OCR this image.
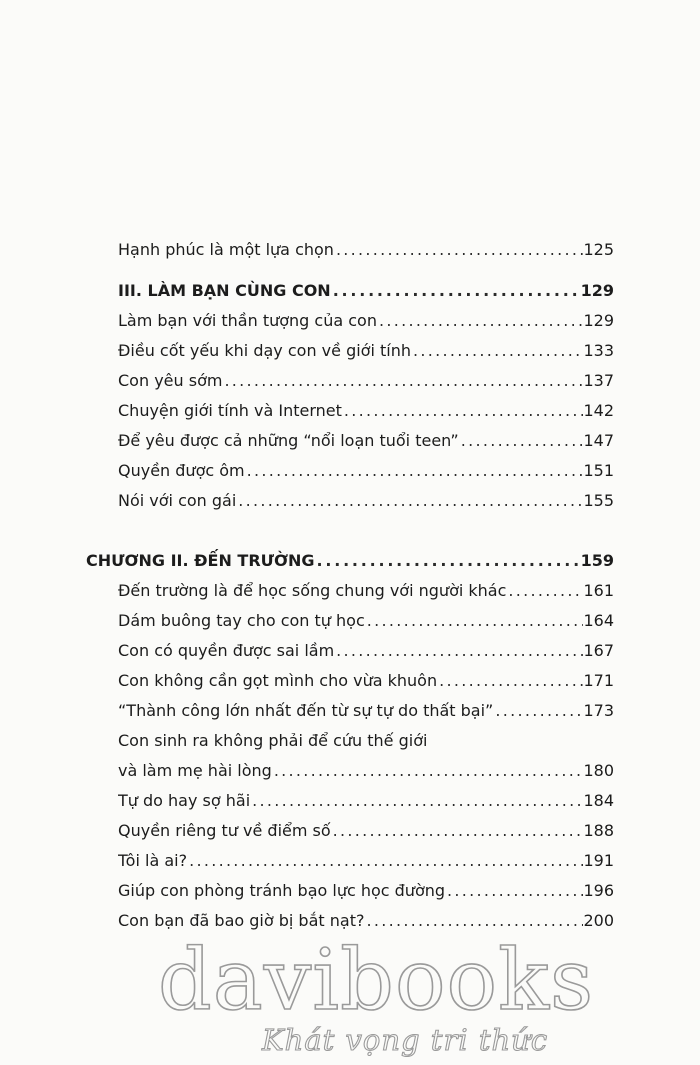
Hạnh phúc là một lựa chọn . . .	125
III. LÀM BẠN CÙNG CON . . .	129
Làm bạn với thần tượng của con . . .	129
Điều cốt yếu khi dạy con về giới tính . . .	133
Con yêu sớm . . .	137
Chuyện giới tính và Internet . . .	142
Để yêu được cả những “nổi loạn tuổi teen” . . .	147
Quyền được ôm . . .	151
Nói với con gái . . .	155
CHƯƠNG II. ĐẾN TRƯỜNG . . .	159
Đến trường là để học sống chung với người khác . . .	161
Dám buông tay cho con tự học . . .	164
Con có quyền được sai lầm . . .	167
Con không cần gọt mình cho vừa khuôn . . .	171
“Thành công lớn nhất đến từ sự tự do thất bại” . . .	173
Con sinh ra không phải để cứu thế giới
và làm mẹ hài lòng . . .	180
Tự do hay sợ hãi . . .	184
Quyền riêng tư về điểm số . . .	188
Tôi là ai? . . .	191
Giúp con phòng tránh bạo lực học đường . . .	196
Con bạn đã bao giờ bị bắt nạt? . . .	200
davibooks
Khát vọng tri thức
